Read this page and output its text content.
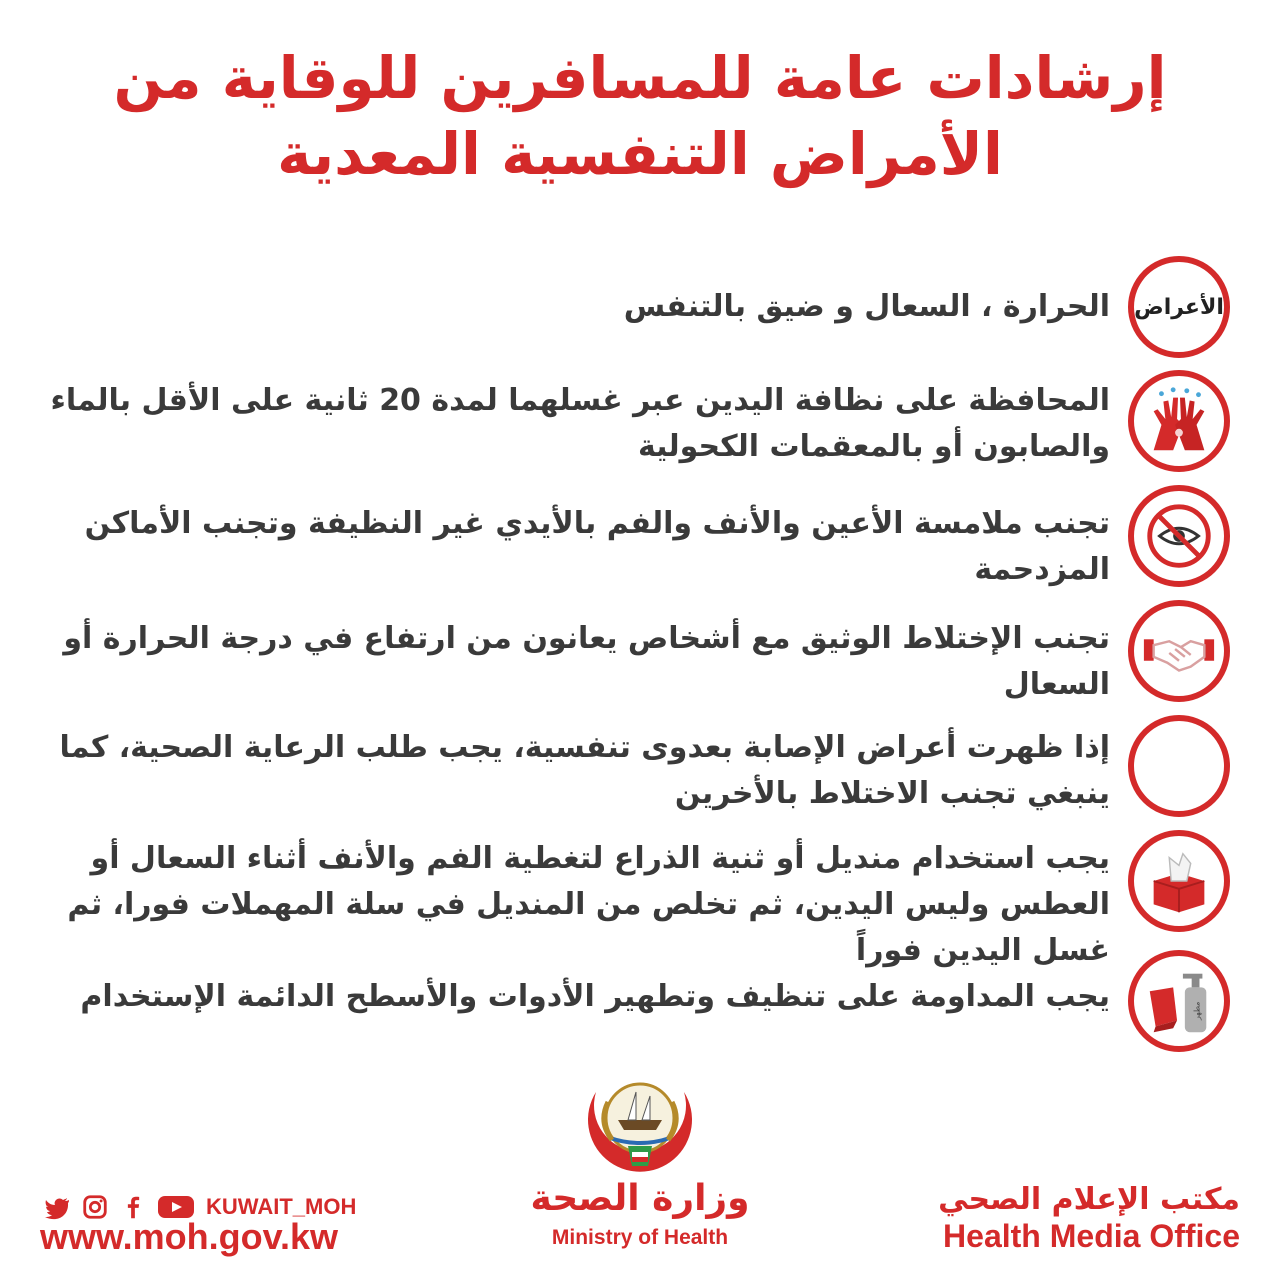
إرشادات عامة للمسافرين للوقاية من
الأمراض التنفسية المعدية
الأعراض
الحرارة ، السعال و ضيق بالتنفس
المحافظة على نظافة اليدين عبر غسلهما لمدة 20 ثانية على الأقل بالماء والصابون أو بالمعقمات الكحولية
تجنب ملامسة الأعين والأنف والفم بالأيدي غير النظيفة وتجنب الأماكن المزدحمة
تجنب الإختلاط الوثيق مع أشخاص يعانون من ارتفاع في درجة الحرارة أو السعال
إذا ظهرت أعراض الإصابة بعدوى تنفسية، يجب طلب الرعاية الصحية، كما ينبغي تجنب الاختلاط بالأخرين
يجب استخدام منديل أو ثنية الذراع لتغطية الفم والأنف أثناء السعال أو العطس وليس اليدين، ثم تخلص من المنديل في سلة المهملات فورا، ثم غسل اليدين فوراً
مطهر
يجب المداومة على تنظيف وتطهير الأدوات والأسطح الدائمة الإستخدام
وزارة الصحة
Ministry of Health
مكتب الإعلام الصحي
Health Media Office
KUWAIT_MOH
www.moh.gov.kw
